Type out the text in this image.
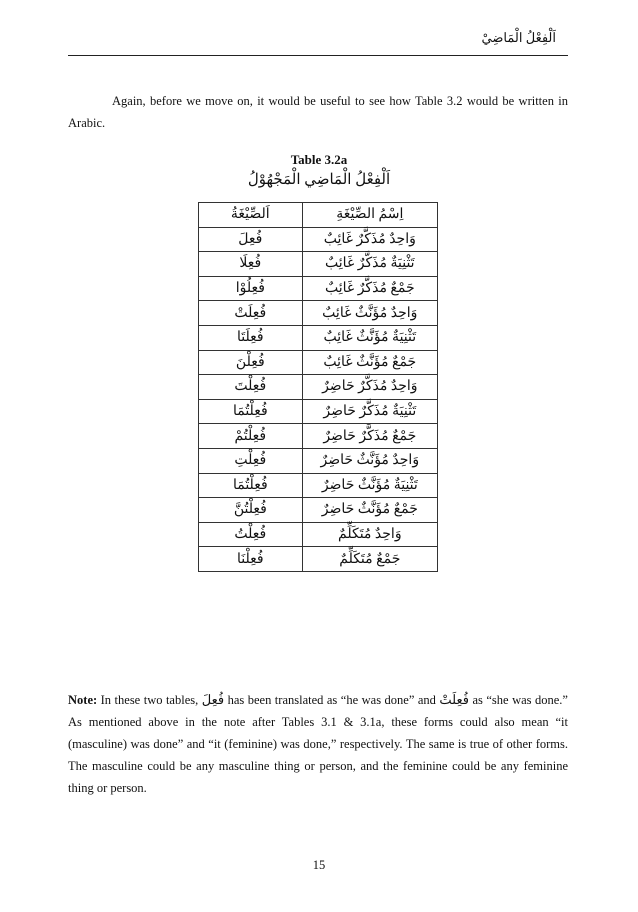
اَلْفِعْلُ الْمَاضِيْ

Again, before we move on, it would be useful to see how Table 3.2 would be written in Arabic.

Table 3.2a
اَلْفِعْلُ الْمَاضِي الْمَجْهُوْلُ
اِسْمُ الصِّيْغَةِ	اَلصِّيْغَةُ
وَاحِدٌ مُذَكَّرٌ غَائِبٌ	فُعِلَ
تَثْنِيَةٌ مُذَكَّرٌ غَائِبٌ	فُعِلَا
جَمْعٌ مُذَكَّرٌ غَائِبٌ	فُعِلُوْا
وَاحِدٌ مُؤَنَّثٌ غَائِبٌ	فُعِلَتْ
تَثْنِيَةٌ مُؤَنَّثٌ غَائِبٌ	فُعِلَتَا
جَمْعٌ مُؤَنَّثٌ غَائِبٌ	فُعِلْنَ
وَاحِدٌ مُذَكَّرٌ حَاضِرٌ	فُعِلْتَ
تَثْنِيَةٌ مُذَكَّرٌ حَاضِرٌ	فُعِلْتُمَا
جَمْعٌ مُذَكَّرٌ حَاضِرٌ	فُعِلْتُمْ
وَاحِدٌ مُؤَنَّثٌ حَاضِرٌ	فُعِلْتِ
تَثْنِيَةٌ مُؤَنَّثٌ حَاضِرٌ	فُعِلْتُمَا
جَمْعٌ مُؤَنَّثٌ حَاضِرٌ	فُعِلْتُنَّ
وَاحِدٌ مُتَكَلِّمٌ	فُعِلْتُ
جَمْعٌ مُتَكَلِّمٌ	فُعِلْنَا

Note: In these two tables, فُعِلَ has been translated as “he was done” and فُعِلَتْ as “she was done.” As mentioned above in the note after Tables 3.1 & 3.1a, these forms could also mean “it (masculine) was done” and “it (feminine) was done,” respectively. The same is true of other forms. The masculine could be any masculine thing or person, and the feminine could be any feminine thing or person.

15
